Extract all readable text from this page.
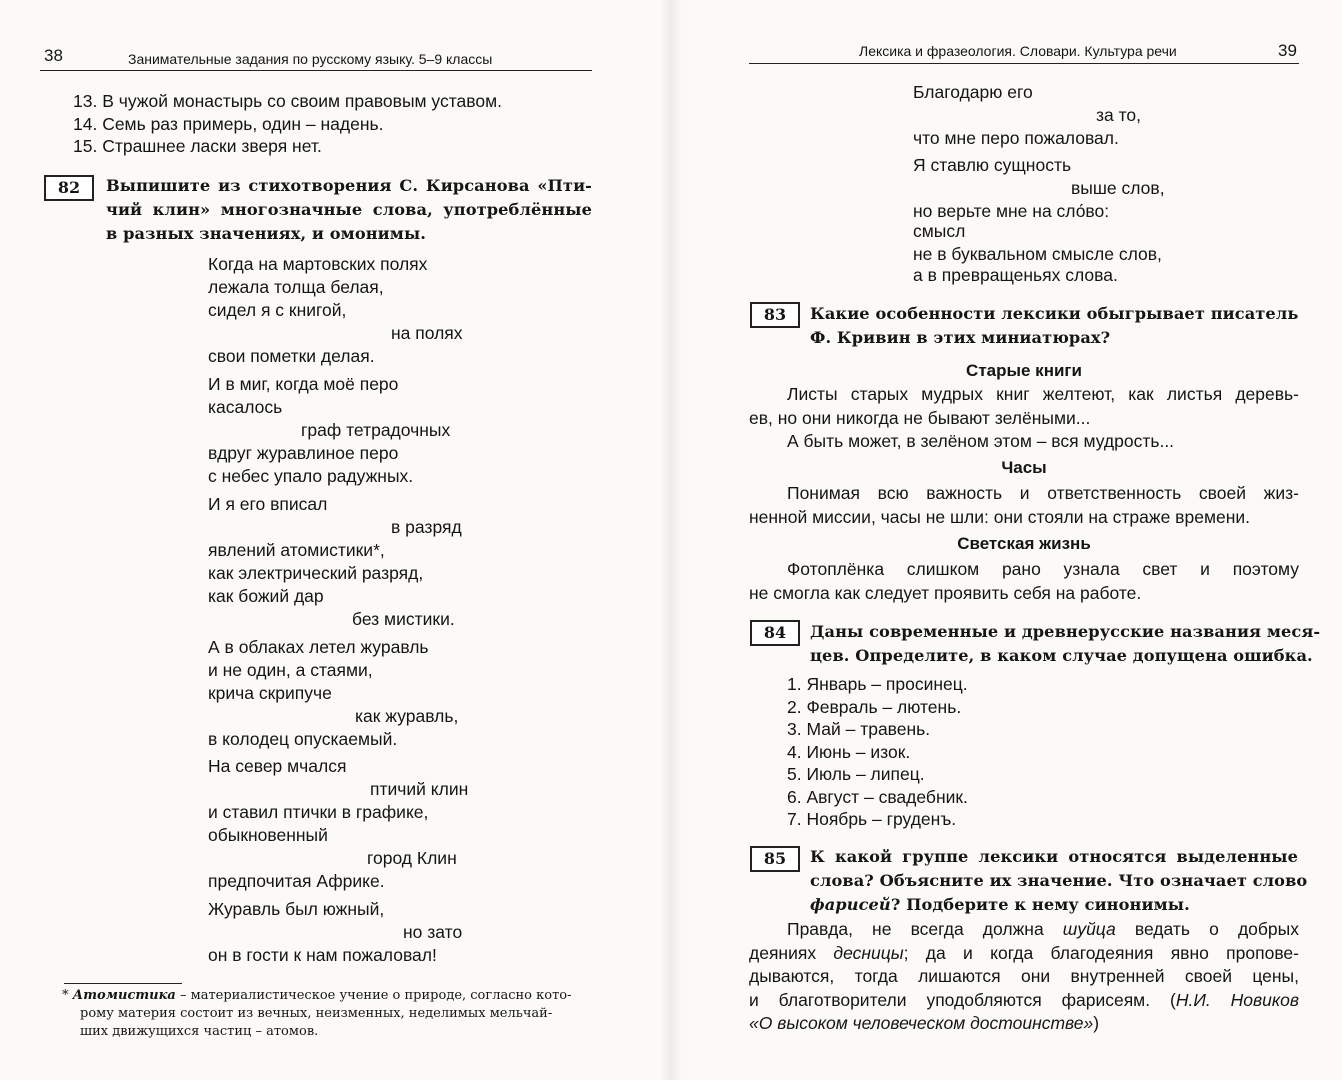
38	Занимательные задания по русскому языку. 5–9 классы
13. В чужой монастырь со своим правовым уставом.
14. Семь раз примерь, один – надень.
15. Страшнее ласки зверя нет.
82	Выпишите из стихотворения С. Кирсанова «Пти-
чий клин» многозначные слова, употреблённые
в разных значениях, и омонимы.
Когда на мартовских полях
лежала толща белая,
сидел я с книгой,
на полях
свои пометки делая.
И в миг, когда моё перо
касалось
граф тетрадочных
вдруг журавлиное перо
с небес упало радужных.
И я его вписал
в разряд
явлений атомистики*,
как электрический разряд,
как божий дар
без мистики.
А в облаках летел журавль
и не один, а стаями,
крича скрипуче
как журавль,
в колодец опускаемый.
На север мчался
птичий клин
и ставил птички в графике,
обыкновенный
город Клин
предпочитая Африке.
Журавль был южный,
но зато
он в гости к нам пожаловал!
* Атомистика – материалистическое учение о природе, согласно кото-
рому материя состоит из вечных, неизменных, неделимых мельчай-
ших движущихся частиц – атомов.
Лексика и фразеология. Словари. Культура речи	39
Благодарю его
за то,
что мне перо пожаловал.
Я ставлю сущность
выше слов,
но верьте мне на сло́во:
смысл
не в буквальном смысле слов,
а в превращеньях слова.
83	Какие особенности лексики обыгрывает писатель
Ф. Кривин в этих миниатюрах?
Старые книги
Листы старых мудрых книг желтеют, как листья деревь-
ев, но они никогда не бывают зелёными...
А быть может, в зелёном этом – вся мудрость...
Часы
Понимая всю важность и ответственность своей жиз-
ненной миссии, часы не шли: они стояли на страже времени.
Светская жизнь
Фотоплёнка слишком рано узнала свет и поэтому
не смогла как следует проявить себя на работе.
84	Даны современные и древнерусские названия меся-
цев. Определите, в каком случае допущена ошибка.
1. Январь – просинец.
2. Февраль – лютень.
3. Май – травень.
4. Июнь – изок.
5. Июль – липец.
6. Август – свадебник.
7. Ноябрь – груденъ.
85	К какой группе лексики относятся выделенные
слова? Объясните их значение. Что означает слово
фарисей? Подберите к нему синонимы.
Правда, не всегда должна шуйца ведать о добрых
деяниях десницы; да и когда благодеяния явно пропове-
дываются, тогда лишаются они внутренней своей цены,
и благотворители уподобляются фарисеям. (Н.И. Новиков
«О высоком человеческом достоинстве»)
